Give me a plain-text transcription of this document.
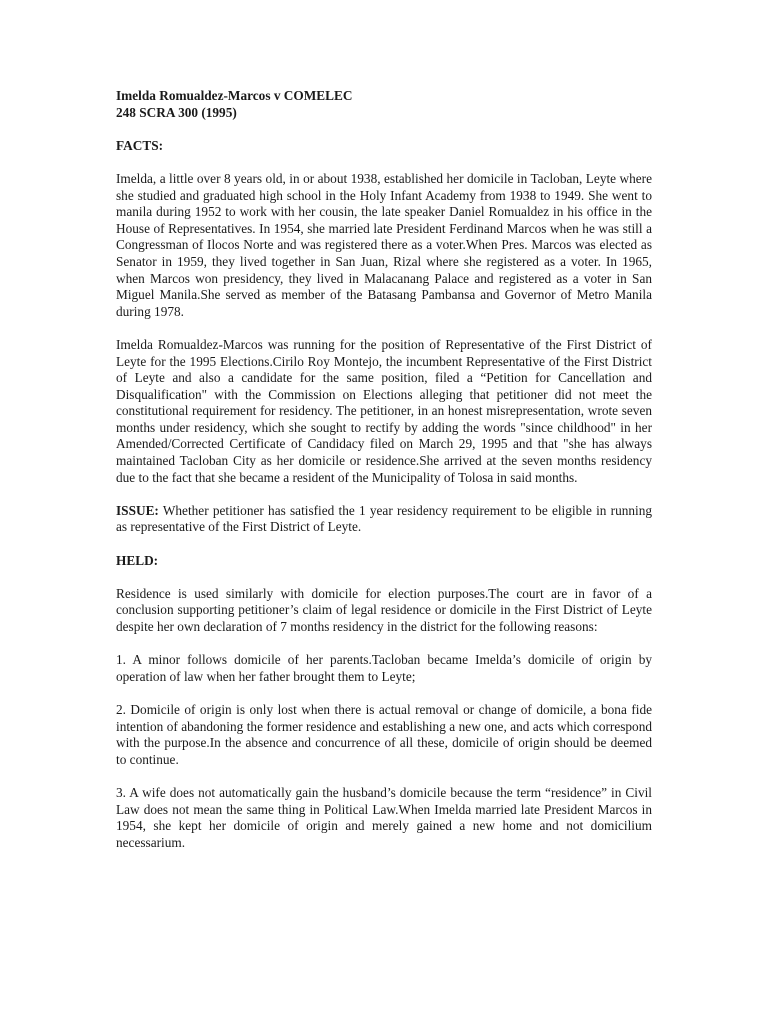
Imelda Romualdez-Marcos v COMELEC

248 SCRA 300 (1995)

FACTS:

Imelda, a little over 8 years old, in or about 1938, established her domicile in Tacloban, Leyte where she studied and graduated high school in the Holy Infant Academy from 1938 to 1949. She went to manila during 1952 to work with her cousin, the late speaker Daniel Romualdez in his office in the House of Representatives. In 1954, she married late President Ferdinand Marcos when he was still a Congressman of Ilocos Norte and was registered there as a voter.When Pres. Marcos was elected as Senator in 1959, they lived together in San Juan, Rizal where she registered as a voter. In 1965, when Marcos won presidency, they lived in Malacanang Palace and registered as a voter in San Miguel Manila.She served as member of the Batasang Pambansa and Governor of Metro Manila during 1978.

Imelda Romualdez-Marcos was running for the position of Representative of the First District of Leyte for the 1995 Elections.Cirilo Roy Montejo, the incumbent Representative of the First District of Leyte and also a candidate for the same position, filed a “Petition for Cancellation and Disqualification" with the Commission on Elections alleging that petitioner did not meet the constitutional requirement for residency. The petitioner, in an honest misrepresentation, wrote seven months under residency, which she sought to rectify by adding the words "since childhood" in her Amended/Corrected Certificate of Candidacy filed on March 29, 1995 and that "she has always maintained Tacloban City as her domicile or residence.She arrived at the seven months residency due to the fact that she became a resident of the Municipality of Tolosa in said months.

ISSUE: Whether petitioner has satisfied the 1 year residency requirement to be eligible in running as representative of the First District of Leyte.

HELD:

Residence is used similarly with domicile for election purposes.The court are in favor of a conclusion supporting petitioner’s claim of legal residence or domicile in the First District of Leyte despite her own declaration of 7 months residency in the district for the following reasons:

1. A minor follows domicile of her parents.Tacloban became Imelda’s domicile of origin by operation of law when her father brought them to Leyte;

2. Domicile of origin is only lost when there is actual removal or change of domicile, a bona fide intention of abandoning the former residence and establishing a new one, and acts which correspond with the purpose.In the absence and concurrence of all these, domicile of origin should be deemed to continue.

3. A wife does not automatically gain the husband’s domicile because the term “residence” in Civil Law does not mean the same thing in Political Law.When Imelda married late President Marcos in 1954, she kept her domicile of origin and merely gained a new home and not domicilium necessarium.
